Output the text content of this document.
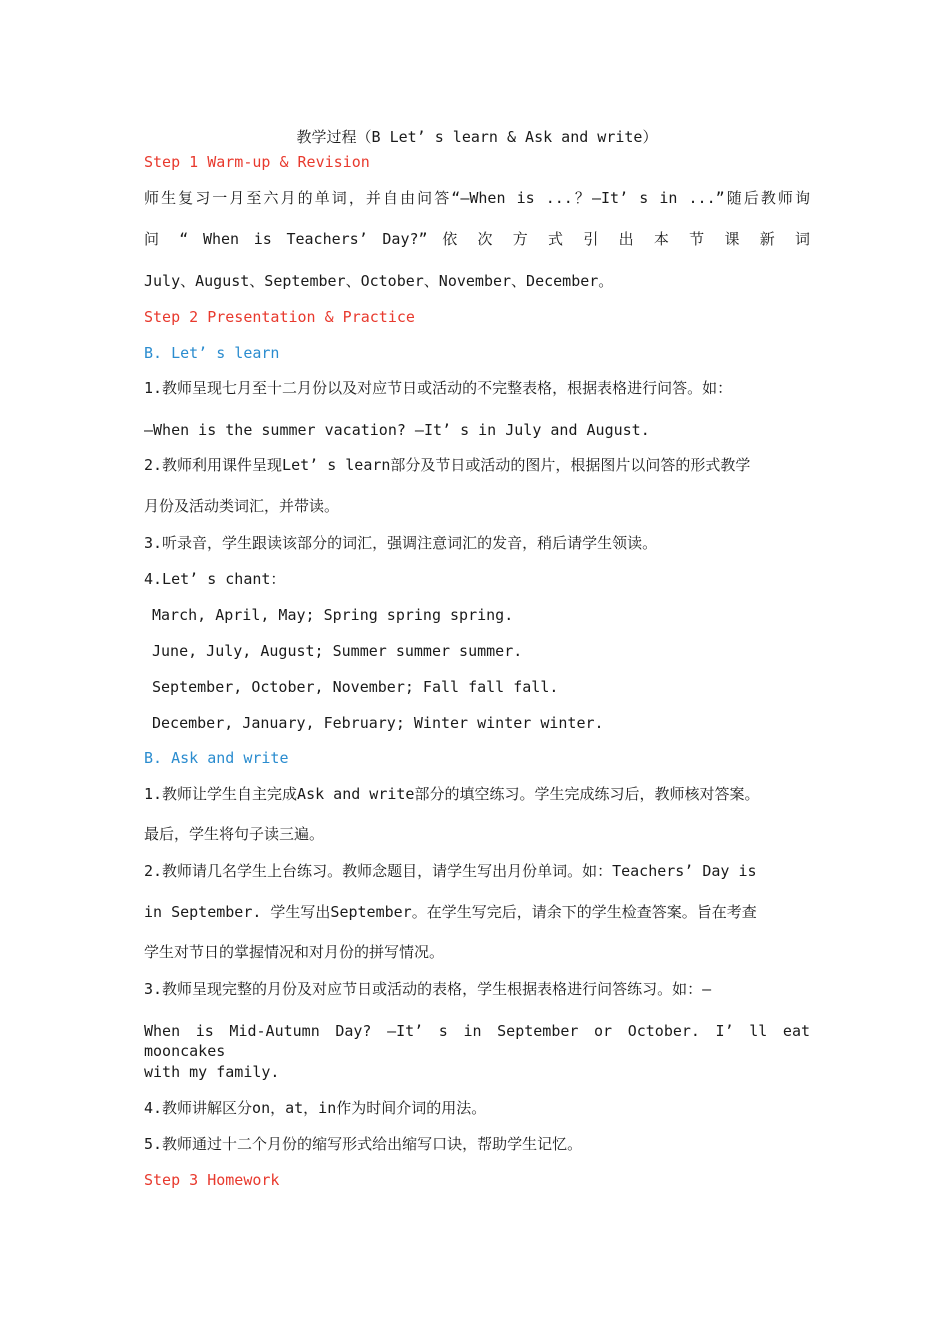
教学过程（B Let’ s learn & Ask and write）
Step 1 Warm-up & Revision
师生复习一月至六月的单词，并自由问答“—When is ...？—It’ s in ...”随后教师询
问 “ When is Teachers’ Day?” 依 次 方 式 引 出 本 节 课 新 词
July、August、September、October、November、December。
Step 2 Presentation & Practice
B. Let’ s learn
1.教师呈现七月至十二月份以及对应节日或活动的不完整表格，根据表格进行问答。如：
—When is the summer vacation? —It’ s in July and August.
2.教师利用课件呈现Let’ s learn部分及节日或活动的图片，根据图片以问答的形式教学
月份及活动类词汇，并带读。
3.听录音，学生跟读该部分的词汇，强调注意词汇的发音，稍后请学生领读。
4.Let’ s chant：
March, April, May; Spring spring spring.
June, July, August; Summer summer summer.
September, October, November; Fall fall fall.
December, January, February; Winter winter winter.
B. Ask and write
1.教师让学生自主完成Ask and write部分的填空练习。学生完成练习后，教师核对答案。
最后，学生将句子读三遍。
2.教师请几名学生上台练习。教师念题目，请学生写出月份单词。如：Teachers’ Day is
in September. 学生写出September。在学生写完后，请余下的学生检查答案。旨在考查
学生对节日的掌握情况和对月份的拼写情况。
3.教师呈现完整的月份及对应节日或活动的表格，学生根据表格进行问答练习。如：—
When is Mid-Autumn Day? —It’ s in September or October. I’ ll eat mooncakes
with my family.
4.教师讲解区分on，at，in作为时间介词的用法。
5.教师通过十二个月份的缩写形式给出缩写口诀，帮助学生记忆。
Step 3 Homework
